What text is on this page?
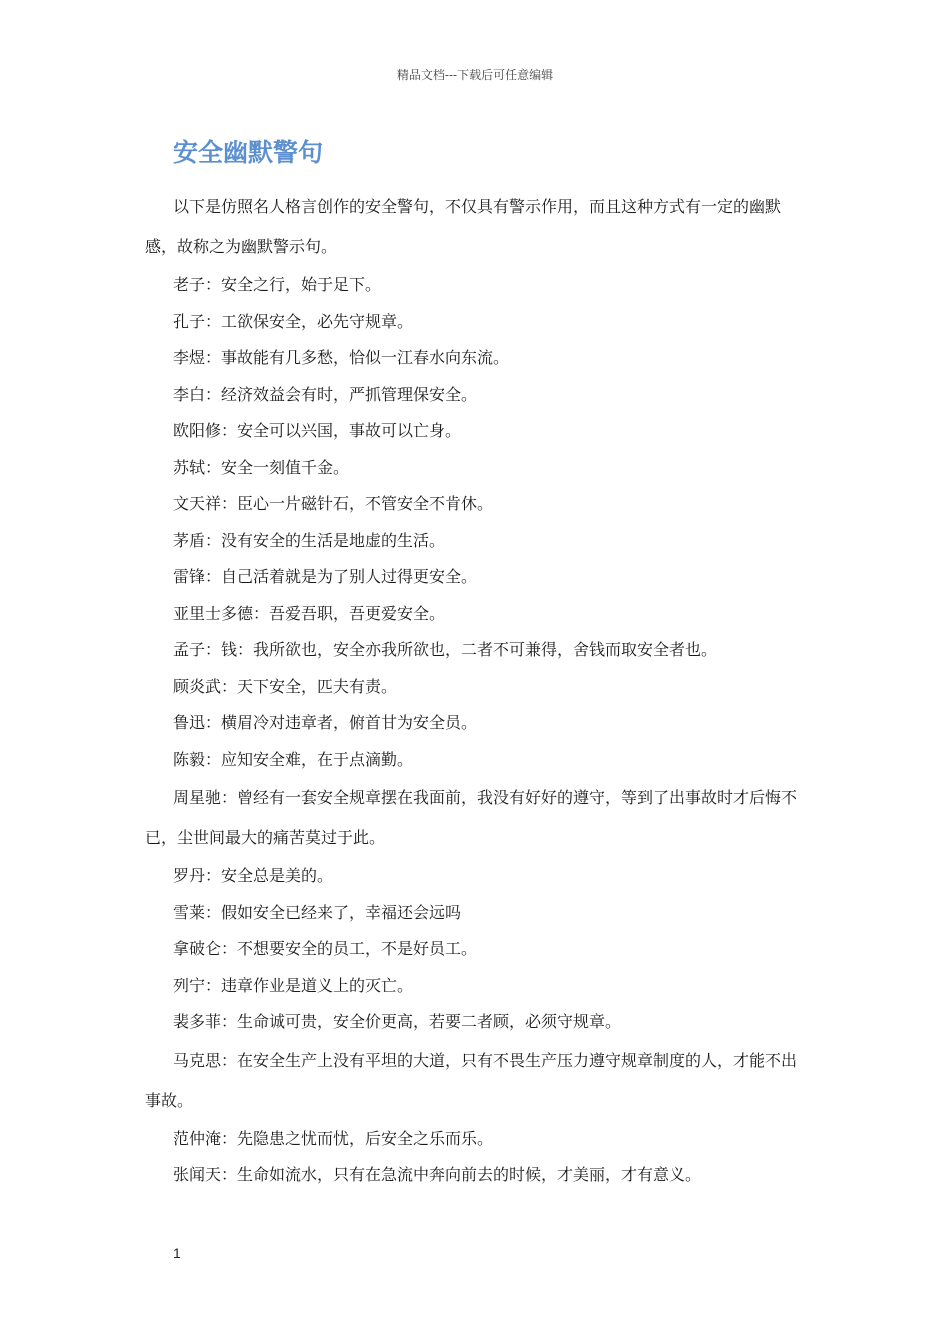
精品文档---下载后可任意编辑
安全幽默警句

以下是仿照名人格言创作的安全警句，不仅具有警示作用，而且这种方式有一定的幽默感，故称之为幽默警示句。

老子：安全之行，始于足下。

孔子：工欲保安全，必先守规章。

李煜：事故能有几多愁，恰似一江春水向东流。

李白：经济效益会有时，严抓管理保安全。

欧阳修：安全可以兴国，事故可以亡身。

苏轼：安全一刻值千金。

文天祥：臣心一片磁针石，不管安全不肯休。

茅盾：没有安全的生活是地虚的生活。

雷锋：自己活着就是为了别人过得更安全。

亚里士多德：吾爱吾职，吾更爱安全。

孟子：钱：我所欲也，安全亦我所欲也，二者不可兼得，舍钱而取安全者也。

顾炎武：天下安全，匹夫有责。

鲁迅：横眉冷对违章者，俯首甘为安全员。

陈毅：应知安全难，在于点滴勤。

周星驰：曾经有一套安全规章摆在我面前，我没有好好的遵守，等到了出事故时才后悔不已，尘世间最大的痛苦莫过于此。

罗丹：安全总是美的。

雪莱：假如安全已经来了，幸福还会远吗

拿破仑：不想要安全的员工，不是好员工。

列宁：违章作业是道义上的灭亡。

裴多菲：生命诚可贵，安全价更高，若要二者顾，必须守规章。

马克思：在安全生产上没有平坦的大道，只有不畏生产压力遵守规章制度的人，才能不出事故。

范仲淹：先隐患之忧而忧，后安全之乐而乐。

张闻天：生命如流水，只有在急流中奔向前去的时候，才美丽，才有意义。

1
